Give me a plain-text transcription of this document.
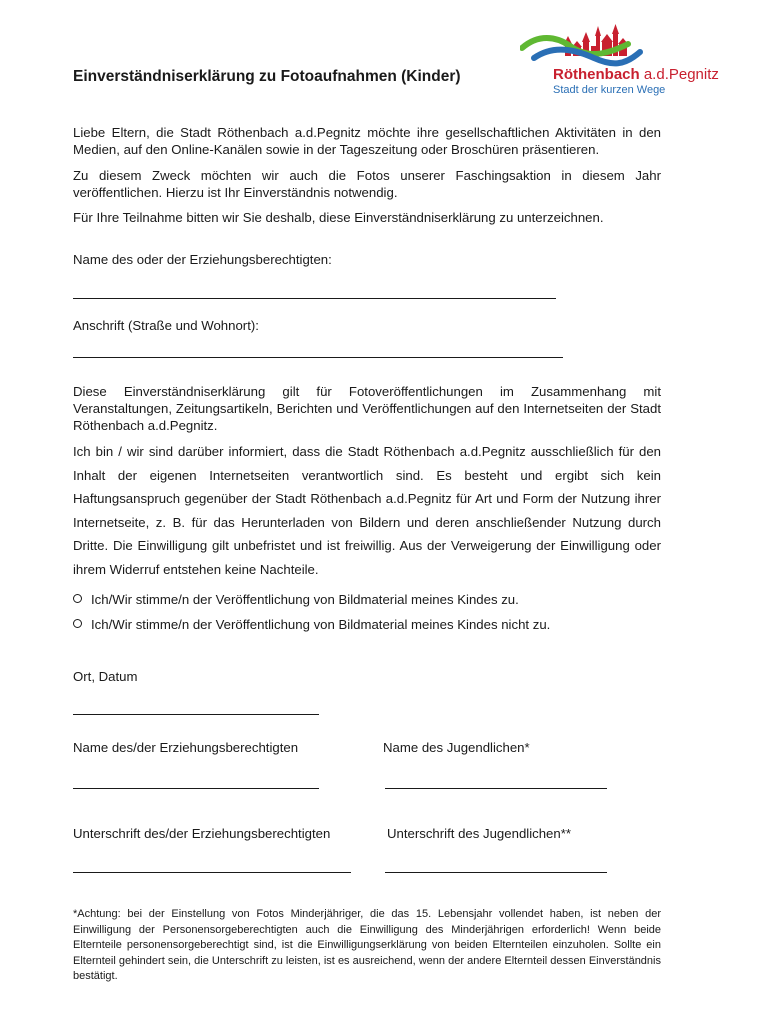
Röthenbach a.d.Pegnitz
Stadt der kurzen Wege
Einverständniserklärung zu Fotoaufnahmen (Kinder)
Liebe Eltern, die Stadt Röthenbach a.d.Pegnitz möchte ihre gesellschaftlichen Aktivitäten in den Medien, auf den Online-Kanälen sowie in der Tageszeitung oder Broschüren präsentieren.
Zu diesem Zweck möchten wir auch die Fotos unserer Faschingsaktion in diesem Jahr veröffentlichen. Hierzu ist Ihr Einverständnis notwendig.
Für Ihre Teilnahme bitten wir Sie deshalb, diese Einverständniserklärung zu unterzeichnen.
Name des oder der Erziehungsberechtigten:
Anschrift (Straße und Wohnort):
Diese Einverständniserklärung gilt für Fotoveröffentlichungen im Zusammenhang mit Veranstaltungen, Zeitungsartikeln, Berichten und Veröffentlichungen auf den Internetseiten der Stadt Röthenbach a.d.Pegnitz.
Ich bin / wir sind darüber informiert, dass die Stadt Röthenbach a.d.Pegnitz ausschließlich für den Inhalt der eigenen Internetseiten verantwortlich sind. Es besteht und ergibt sich kein Haftungsanspruch gegenüber der Stadt Röthenbach a.d.Pegnitz für Art und Form der Nutzung ihrer Internetseite, z. B. für das Herunterladen von Bildern und deren anschließender Nutzung durch Dritte. Die Einwilligung gilt unbefristet und ist freiwillig. Aus der Verweigerung der Einwilligung oder ihrem Widerruf entstehen keine Nachteile.
Ich/Wir stimme/n der Veröffentlichung von Bildmaterial meines Kindes zu.
Ich/Wir stimme/n der Veröffentlichung von Bildmaterial meines Kindes nicht zu.
Ort, Datum
Name des/der Erziehungsberechtigten	Name des Jugendlichen*
Unterschrift des/der Erziehungsberechtigten	Unterschrift des Jugendlichen**
*Achtung: bei der Einstellung von Fotos Minderjähriger, die das 15. Lebensjahr vollendet haben, ist neben der Einwilligung der Personensorgeberechtigten auch die Einwilligung des Minderjährigen erforderlich! Wenn beide Elternteile personensorgeberechtigt sind, ist die Einwilligungserklärung von beiden Elternteilen einzuholen. Sollte ein Elternteil gehindert sein, die Unterschrift zu leisten, ist es ausreichend, wenn der andere Elternteil dessen Einverständnis bestätigt.
